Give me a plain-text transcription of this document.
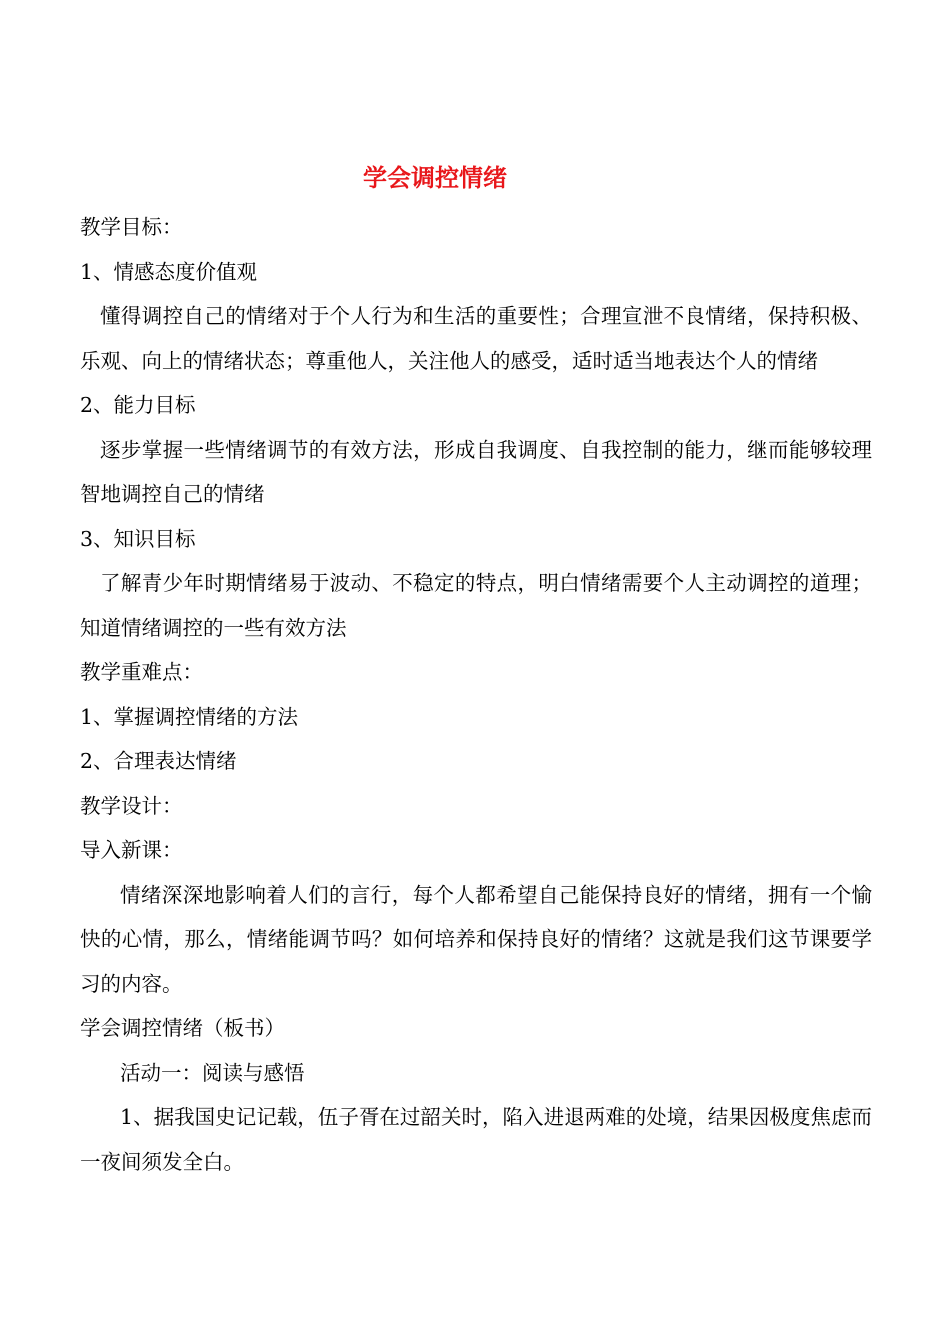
学会调控情绪

教学目标：

1、情感态度价值观

懂得调控自己的情绪对于个人行为和生活的重要性；合理宣泄不良情绪，保持积极、乐观、向上的情绪状态；尊重他人，关注他人的感受，适时适当地表达个人的情绪

2、能力目标

逐步掌握一些情绪调节的有效方法，形成自我调度、自我控制的能力，继而能够较理智地调控自己的情绪

3、知识目标

了解青少年时期情绪易于波动、不稳定的特点，明白情绪需要个人主动调控的道理；知道情绪调控的一些有效方法

教学重难点：

1、掌握调控情绪的方法

2、合理表达情绪

教学设计：

导入新课：

情绪深深地影响着人们的言行，每个人都希望自己能保持良好的情绪，拥有一个愉快的心情，那么，情绪能调节吗？如何培养和保持良好的情绪？这就是我们这节课要学习的内容。

学会调控情绪（板书）

活动一：阅读与感悟

1、据我国史记记载，伍子胥在过韶关时，陷入进退两难的处境，结果因极度焦虑而一夜间须发全白。
